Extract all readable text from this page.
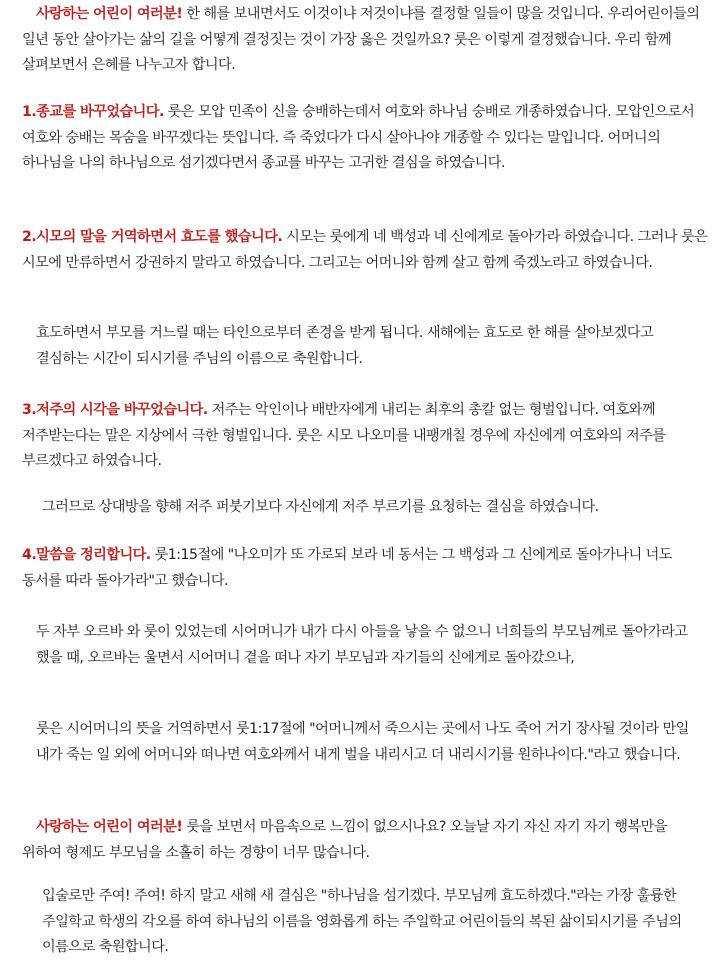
사랑하는 어린이 여러분! 한 해를 보내면서도 이것이냐 저것이냐를 결정할 일들이 많을 것입니다. 우리어린이들의 일년 동안 살아가는 삶의 길을 어떻게 결정짓는 것이 가장 옳은 것일까요? 룻은 이렇게 결정했습니다. 우리 함께 살펴보면서 은혜를 나누고자 합니다.

1.종교를 바꾸었습니다. 룻은 모압 민족이 신을 숭배하는데서 여호와 하나님 숭배로 개종하였습니다. 모압인으로서 여호와 숭배는 목숨을 바꾸겠다는 뜻입니다. 즉 죽었다가 다시 살아나야 개종할 수 있다는 말입니다. 어머니의 하나님을 나의 하나님으로 섬기겠다면서 종교를 바꾸는 고귀한 결심을 하였습니다.

2.시모의 말을 거역하면서 효도를 했습니다. 시모는 룻에게 네 백성과 네 신에게로 돌아가라 하였습니다. 그러나 룻은 시모에 만류하면서 강권하지 말라고 하였습니다. 그리고는 어머니와 함께 살고 함께 죽겠노라고 하였습니다.

효도하면서 부모를 거느릴 때는 타인으로부터 존경을 받게 됩니다. 새해에는 효도로 한 해를 살아보겠다고 결심하는 시간이 되시기를 주님의 이름으로 축원합니다.

3.저주의 시각을 바꾸었습니다. 저주는 악인이나 배반자에게 내리는 최후의 총칼 없는 형벌입니다. 여호와께 저주받는다는 말은 지상에서 극한 형벌입니다. 룻은 시모 나오미를 내팽개칠 경우에 자신에게 여호와의 저주를 부르겠다고 하였습니다.

그러므로 상대방을 향해 저주 퍼붓기보다 자신에게 저주 부르기를 요청하는 결심을 하였습니다.

4.말씀을 정리합니다. 룻1:15절에 "나오미가 또 가로되 보라 네 동서는 그 백성과 그 신에게로 돌아가나니 너도 동서를 따라 돌아가라"고 했습니다.

두 자부 오르바 와 룻이 있었는데 시어머니가 내가 다시 아들을 낳을 수 없으니 너희들의 부모님께로 돌아가라고 했을 때, 오르바는 울면서 시어머니 곁을 떠나 자기 부모님과 자기들의 신에게로 돌아갔으나,

룻은 시어머니의 뜻을 거역하면서 룻1:17절에 "어머니께서 죽으시는 곳에서 나도 죽어 거기 장사될 것이라 만일 내가 죽는 일 외에 어머니와 떠나면 여호와께서 내게 벌을 내리시고 더 내리시기를 원하나이다."라고 했습니다.

사랑하는 어린이 여러분! 룻을 보면서 마음속으로 느낌이 없으시나요? 오늘날 자기 자신 자기 자기 행복만을 위하여 형제도 부모님을 소홀히 하는 경향이 너무 많습니다.

입술로만 주여! 주여! 하지 말고 새해 새 결심은 "하나님을 섬기겠다. 부모님께 효도하겠다."라는 가장 훌륭한 주일학교 학생의 각오를 하여 하나님의 이름을 영화롭게 하는 주일학교 어린이들의 복된 삶이되시기를 주님의 이름으로 축원합니다.
